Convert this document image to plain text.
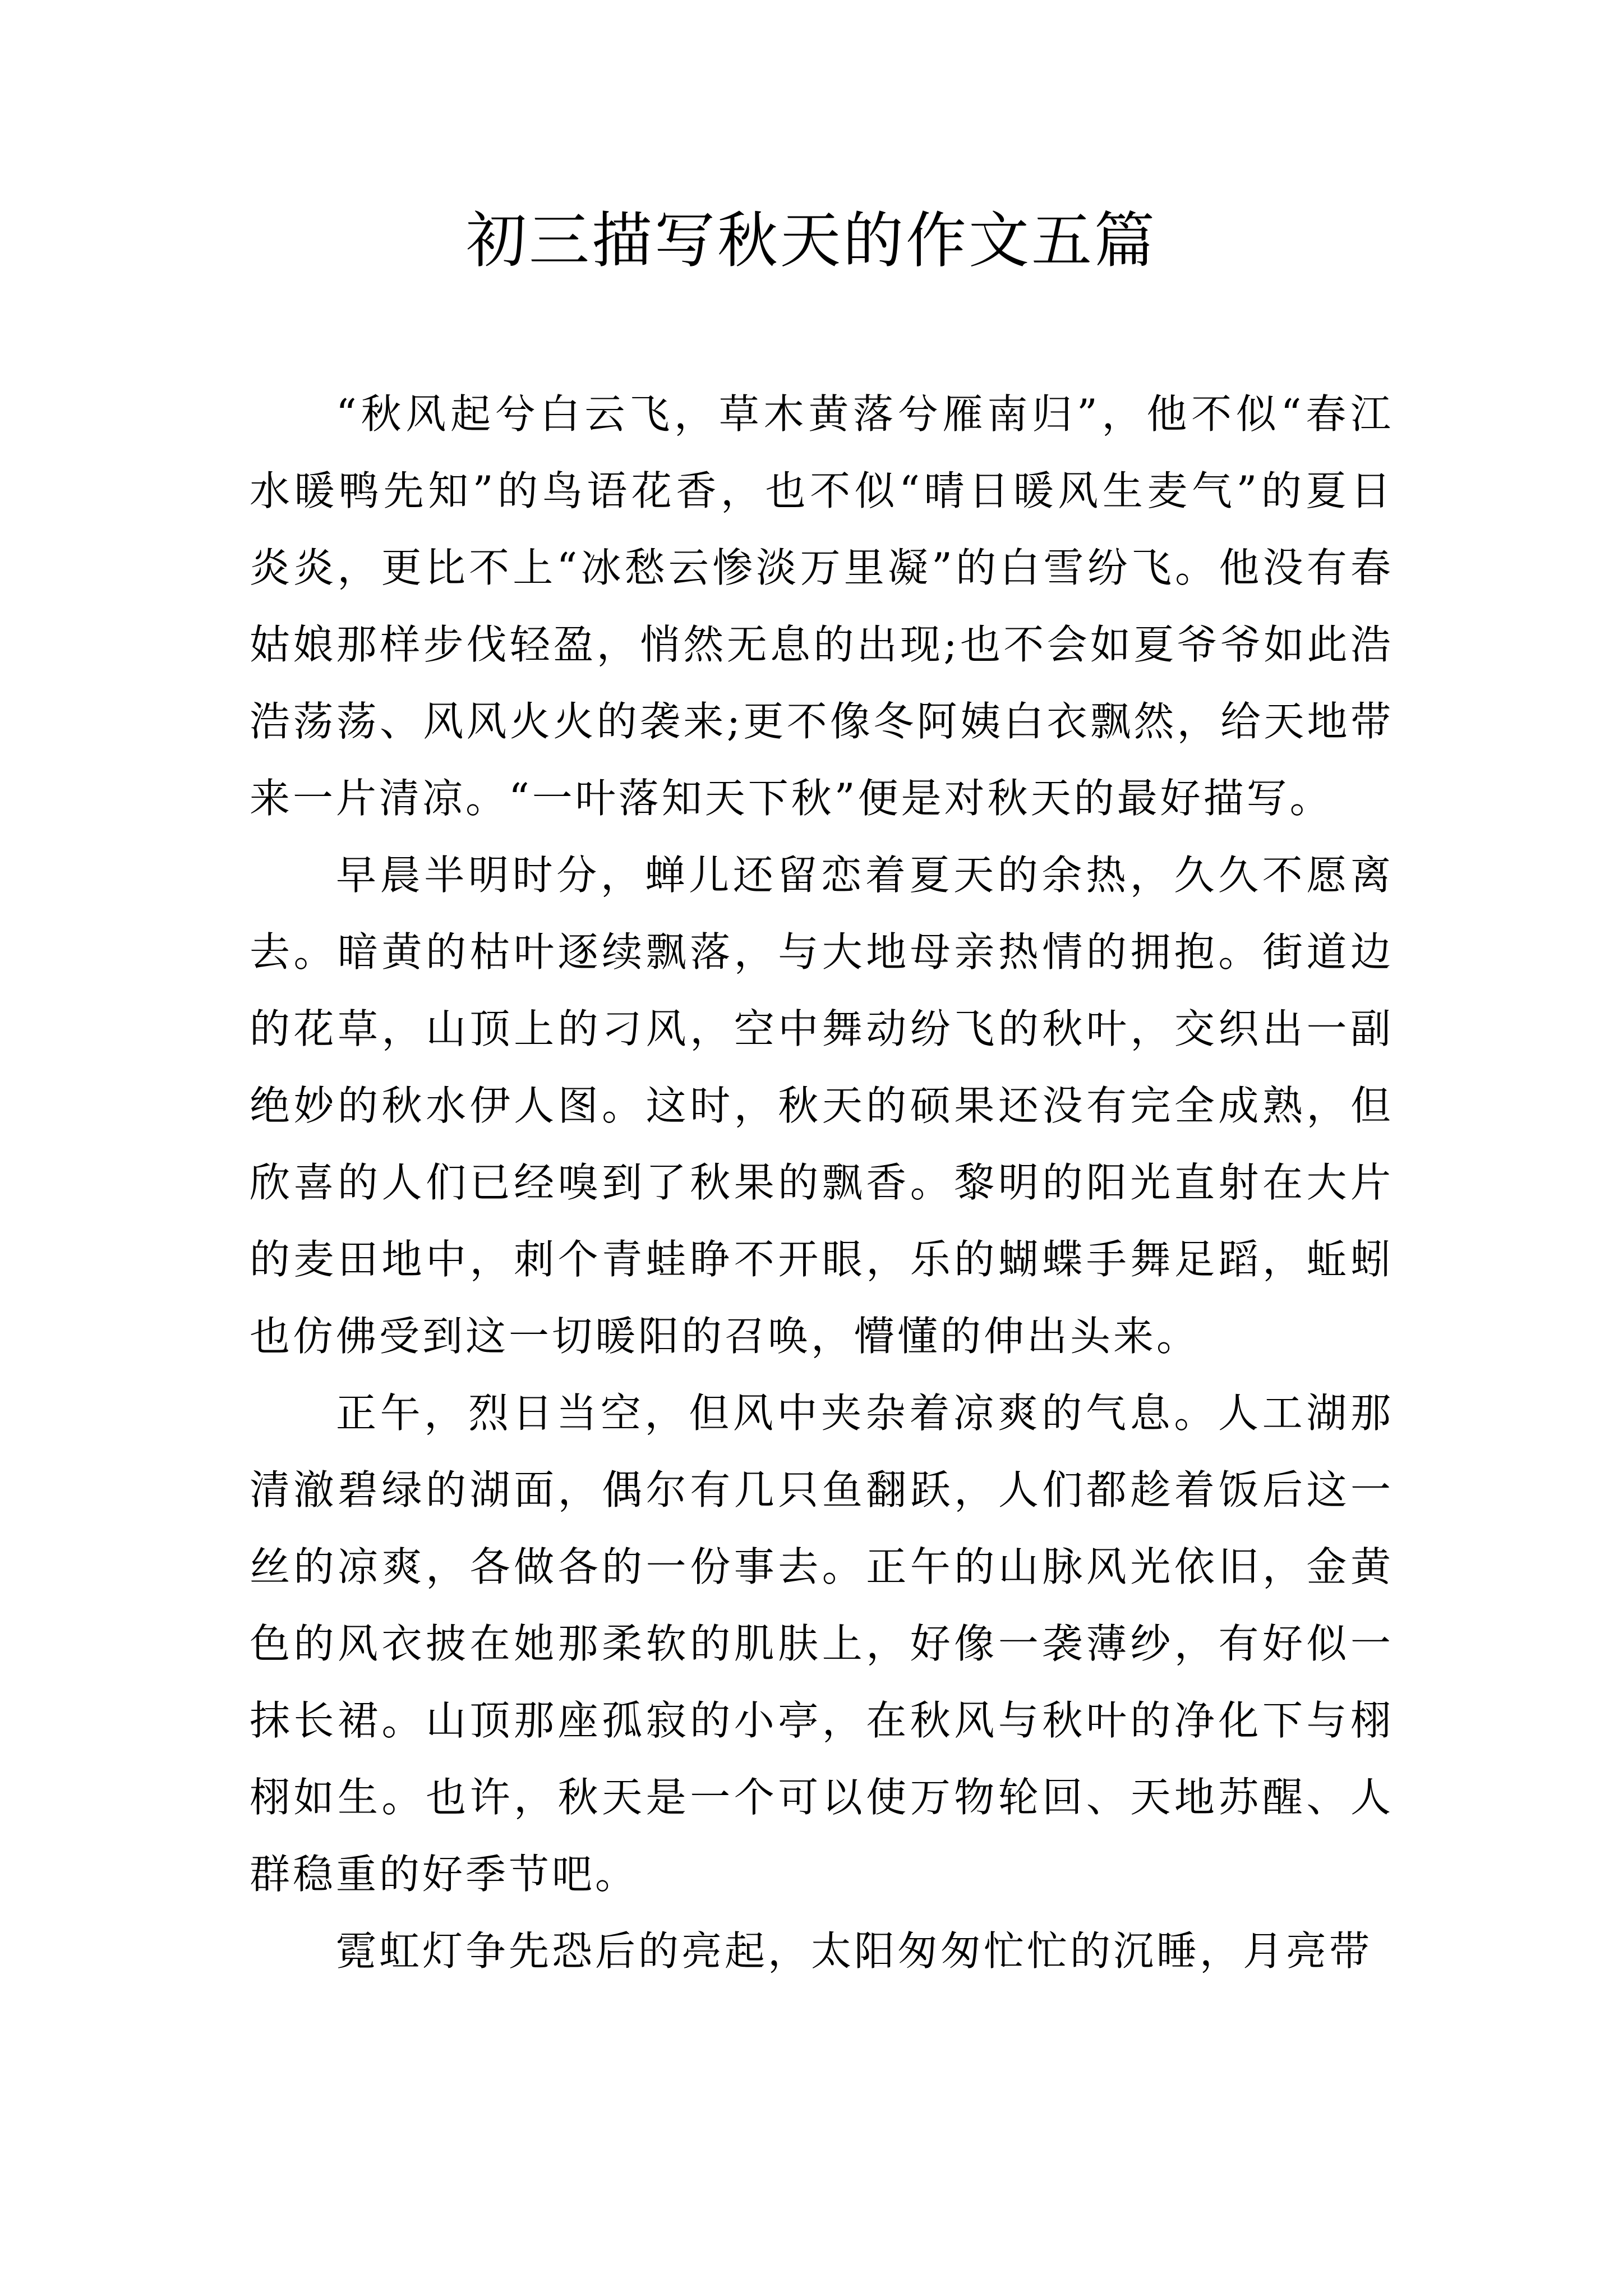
初三描写秋天的作文五篇

“秋风起兮白云飞，草木黄落兮雁南归”，他不似“春江水暖鸭先知”的鸟语花香，也不似“晴日暖风生麦气”的夏日炎炎，更比不上“冰愁云惨淡万里凝”的白雪纷飞。他没有春姑娘那样步伐轻盈，悄然无息的出现;也不会如夏爷爷如此浩浩荡荡、风风火火的袭来;更不像冬阿姨白衣飘然，给天地带来一片清凉。“一叶落知天下秋”便是对秋天的最好描写。

早晨半明时分，蝉儿还留恋着夏天的余热，久久不愿离去。暗黄的枯叶逐续飘落，与大地母亲热情的拥抱。街道边的花草，山顶上的刁风，空中舞动纷飞的秋叶，交织出一副绝妙的秋水伊人图。这时，秋天的硕果还没有完全成熟，但欣喜的人们已经嗅到了秋果的飘香。黎明的阳光直射在大片的麦田地中，刺个青蛙睁不开眼，乐的蝴蝶手舞足蹈，蚯蚓也仿佛受到这一切暖阳的召唤，懵懂的伸出头来。

正午，烈日当空，但风中夹杂着凉爽的气息。人工湖那清澈碧绿的湖面，偶尔有几只鱼翻跃，人们都趁着饭后这一丝的凉爽，各做各的一份事去。正午的山脉风光依旧，金黄色的风衣披在她那柔软的肌肤上，好像一袭薄纱，有好似一抹长裙。山顶那座孤寂的小亭，在秋风与秋叶的净化下与栩栩如生。也许，秋天是一个可以使万物轮回、天地苏醒、人群稳重的好季节吧。

霓虹灯争先恐后的亮起，太阳匆匆忙忙的沉睡，月亮带
